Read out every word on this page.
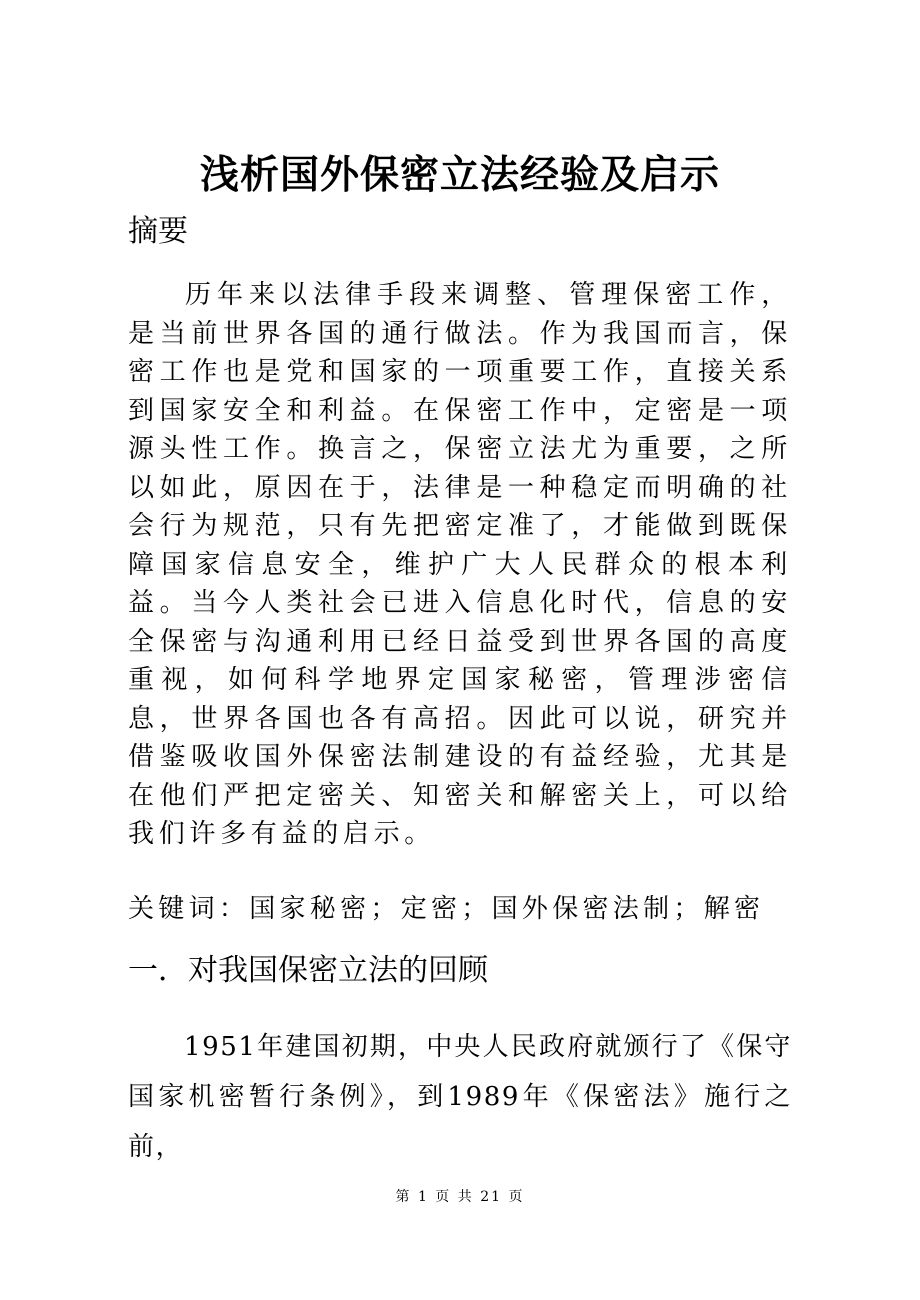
浅析国外保密立法经验及启示
摘要

历年来以法律手段来调整、管理保密工作，是当前世界各国的通行做法。作为我国而言，保密工作也是党和国家的一项重要工作，直接关系到国家安全和利益。在保密工作中，定密是一项源头性工作。换言之，保密立法尤为重要，之所以如此，原因在于，法律是一种稳定而明确的社会行为规范，只有先把密定准了，才能做到既保障国家信息安全，维护广大人民群众的根本利益。当今人类社会已进入信息化时代，信息的安全保密与沟通利用已经日益受到世界各国的高度重视，如何科学地界定国家秘密，管理涉密信息，世界各国也各有高招。因此可以说，研究并借鉴吸收国外保密法制建设的有益经验，尤其是在他们严把定密关、知密关和解密关上，可以给我们许多有益的启示。

关键词：国家秘密；定密；国外保密法制；解密

一．对我国保密立法的回顾

1951年建国初期，中央人民政府就颁行了《保守国家机密暂行条例》，到1989年《保密法》施行之前，

第 1 页 共 21 页
